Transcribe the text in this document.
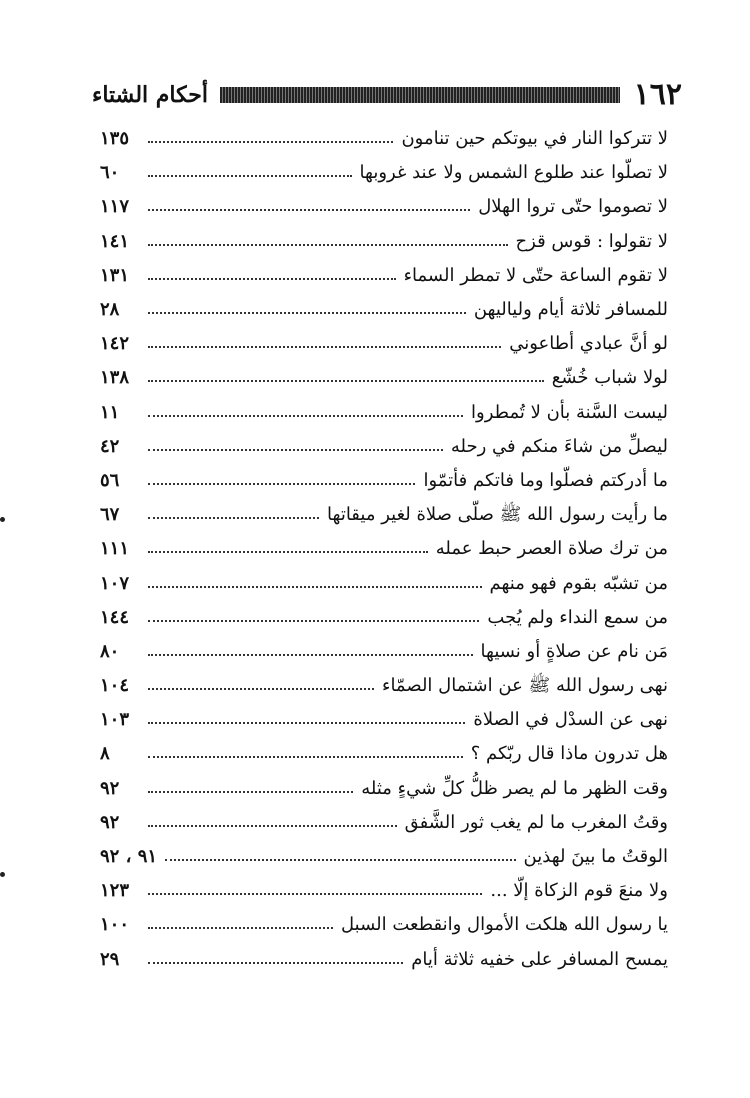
١٦٢
أحكام الشتاء
لا تتركوا النار في بيوتكم حين تنامون
١٣٥
لا تصلّوا عند طلوع الشمس ولا عند غروبها
٦٠
لا تصوموا حتّى تروا الهلال
١١٧
لا تقولوا : قوس قزح
١٤١
لا تقوم الساعة حتّى لا تمطر السماء
١٣١
للمسافر ثلاثة أيام ولياليهن
٢٨
لو أنَّ عبادي أطاعوني
١٤٢
لولا شباب خُشّع
١٣٨
ليست السَّنة بأن لا تُمطروا
١١
ليصلِّ من شاءَ منكم في رحله
٤٢
ما أدركتم فصلّوا وما فاتكم فأتمّوا
٥٦
ما رأيت رسول الله ﷺ صلّى صلاة لغير ميقاتها
٦٧
من ترك صلاة العصر حبط عمله
١١١
من تشبّه بقوم فهو منهم
١٠٧
من سمع النداء ولم يُجب
١٤٤
مَن نام عن صلاةٍ أو نسيها
٨٠
نهى رسول الله ﷺ عن اشتمال الصمّاء
١٠٤
نهى عن السدْل في الصلاة
١٠٣
هل تدرون ماذا قال ربّكم ؟
٨
وقت الظهر ما لم يصر ظلُّ كلِّ شيءٍ مثله
٩٢
وقتُ المغرب ما لم يغب ثور الشَّفق
٩٢
الوقتُ ما بينَ لهذين
٩١ ، ٩٢
ولا منعَ قوم الزكاة إلّا ...
١٢٣
يا رسول الله هلكت الأموال وانقطعت السبل
١٠٠
يمسح المسافر على خفيه ثلاثة أيام
٢٩
